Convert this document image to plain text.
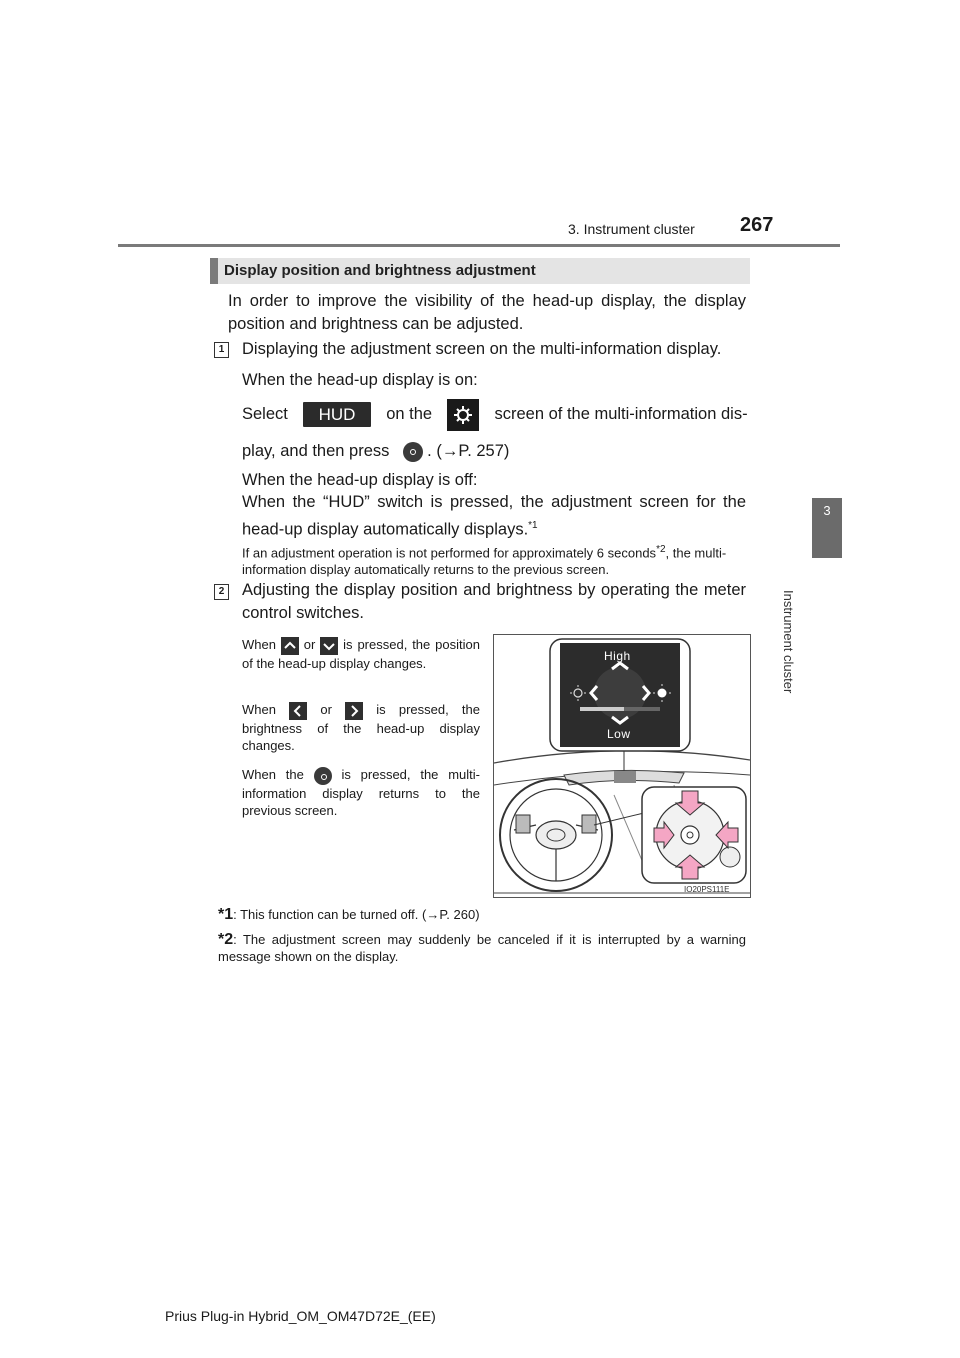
3. Instrument cluster 267
3
Instrument cluster
Display position and brightness adjustment
In order to improve the visibility of the head-up display, the display position and brightness can be adjusted.
1 Displaying the adjustment screen on the multi-information display.
When the head-up display is on:
Select HUD on the	screen of the multi-information dis-
play, and then press . (→P. 257)
When the head-up display is off:
When the “HUD” switch is pressed, the adjustment screen for the head-up display automatically displays.$^{*1}$
If an adjustment operation is not performed for approximately 6 seconds$^{*2}$, the multi-information display automatically returns to the previous screen.
2 Adjusting the display position and brightness by operating the meter control switches.
When or is pressed, the position of the head-up display changes.
When	or	is pressed, the brightness of the head-up display changes.
When the	is pressed, the multi-information display returns to the previous screen.
High
Low
IO20PS111E
*1: This function can be turned off. (→P. 260)
*2: The adjustment screen may suddenly be canceled if it is interrupted by a warning message shown on the display.
Prius Plug-in Hybrid_OM_OM47D72E_(EE)
